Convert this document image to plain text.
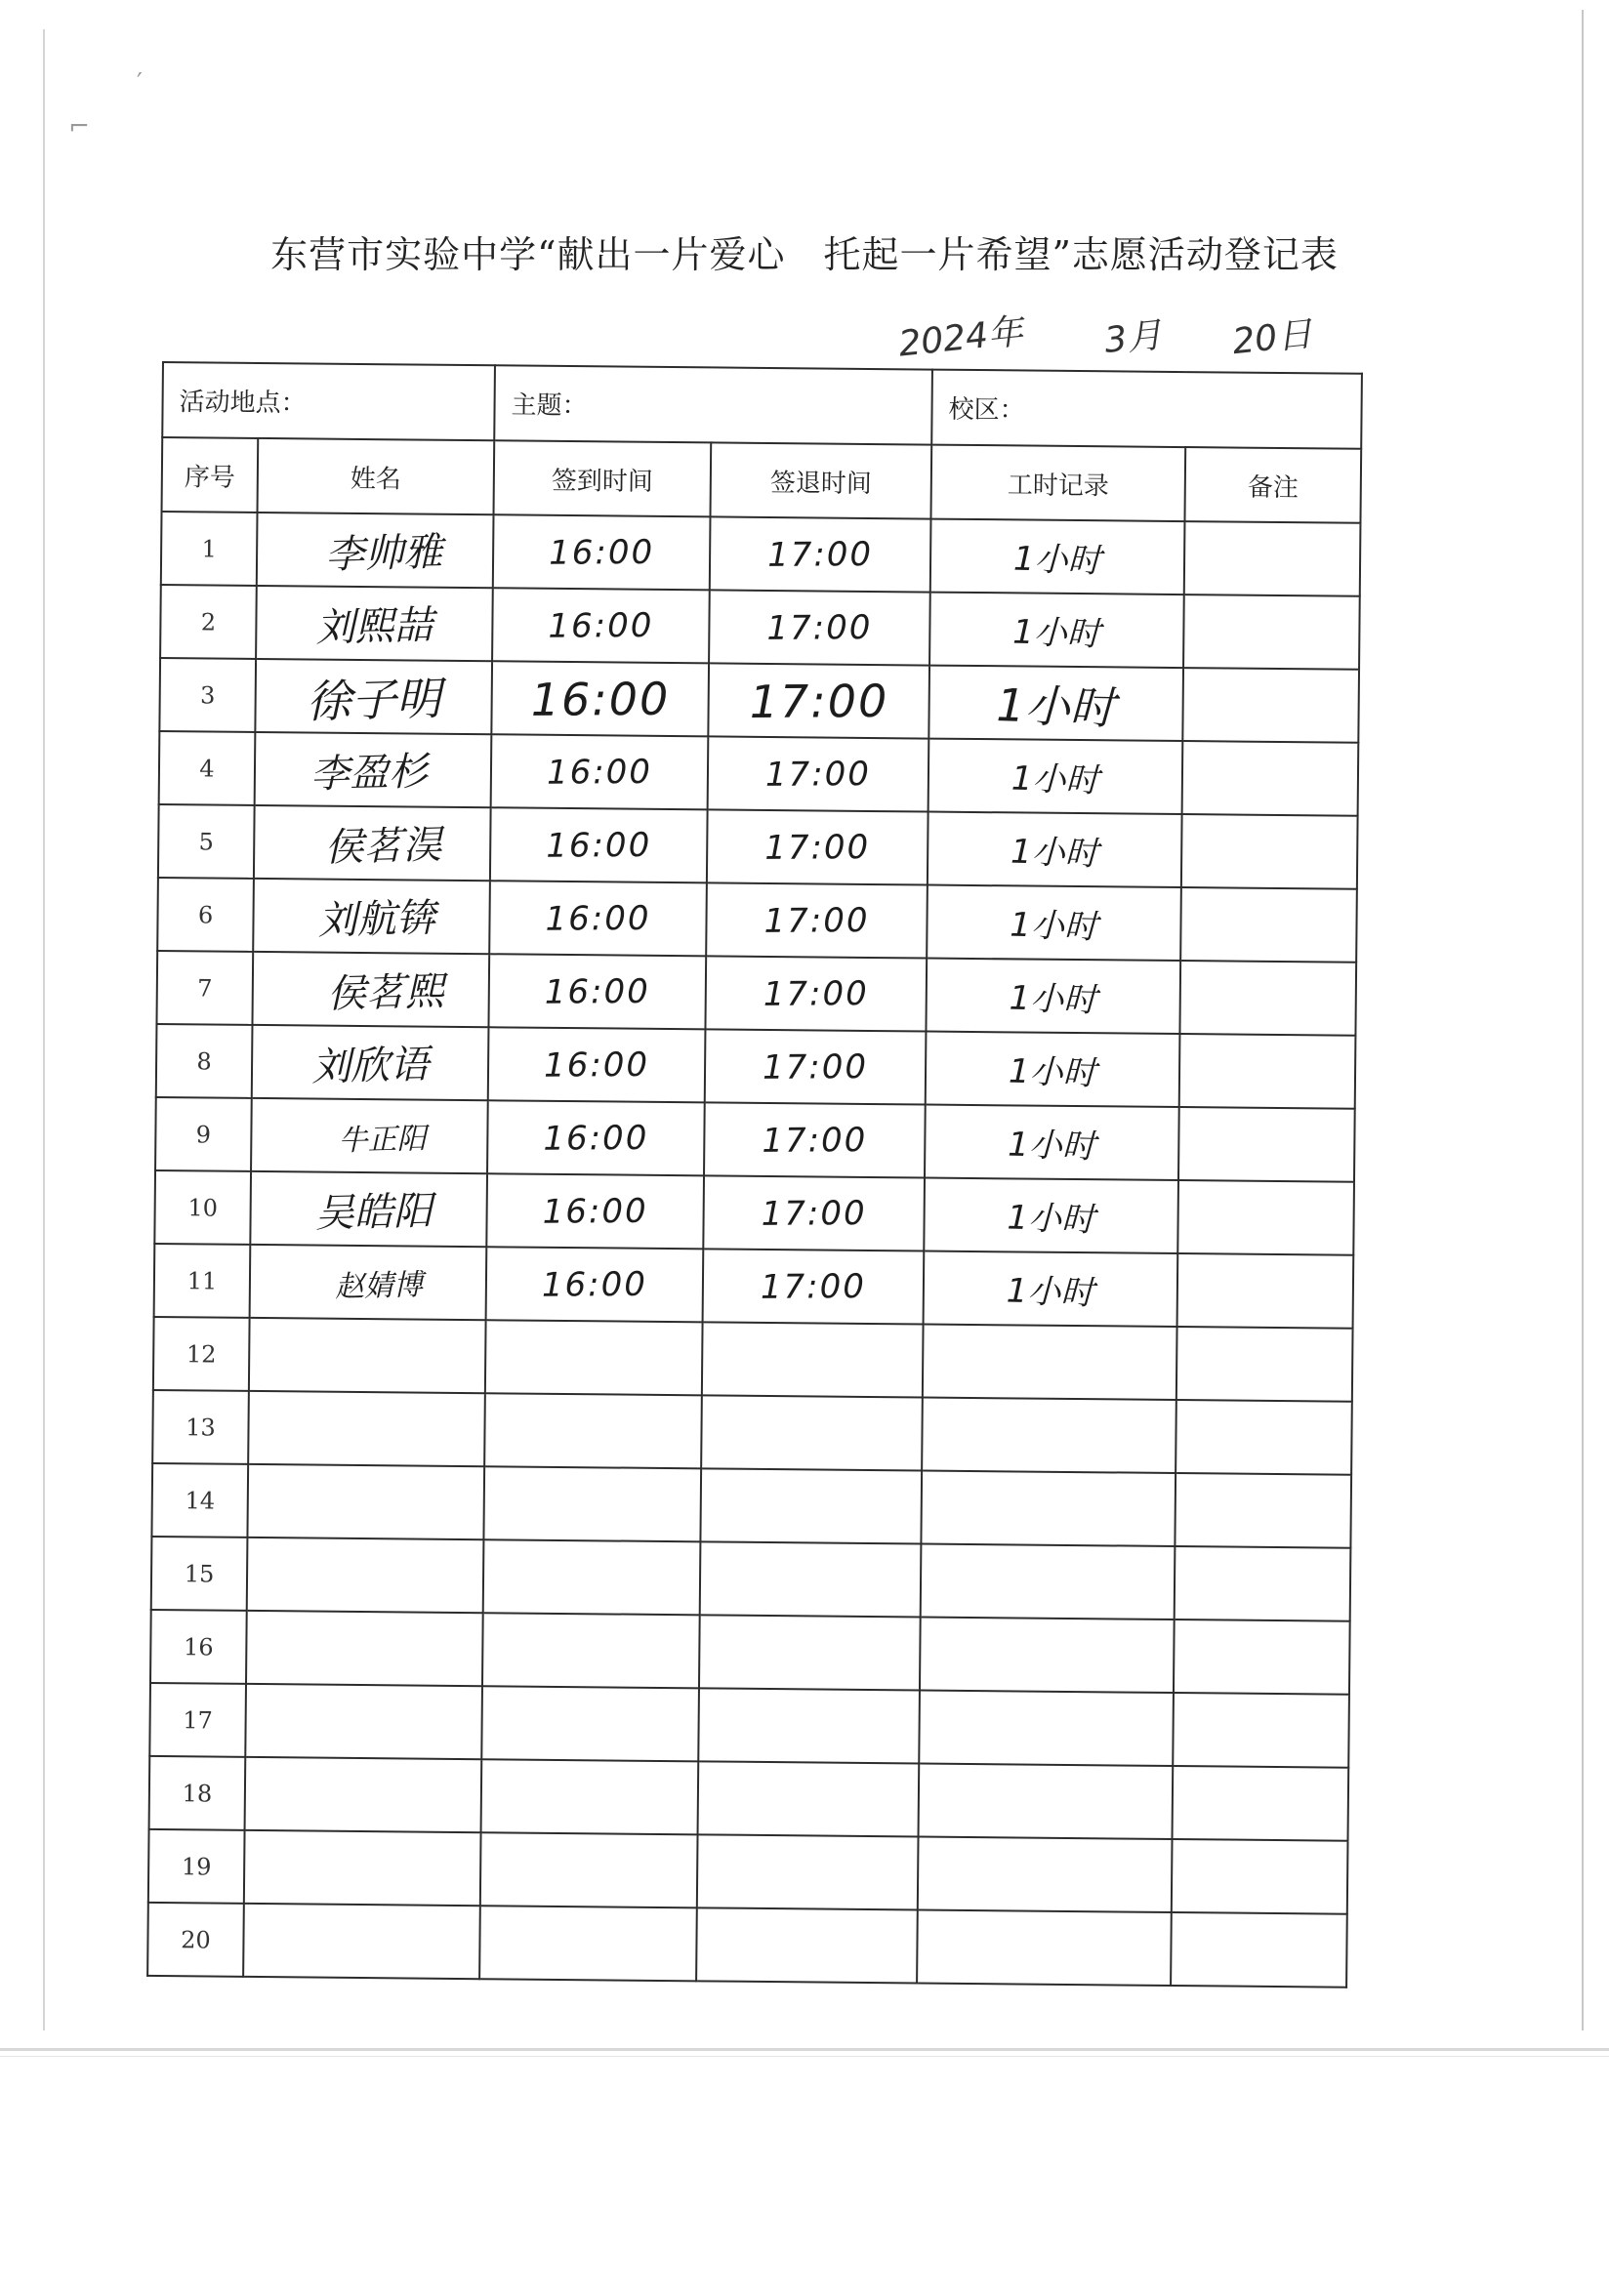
′
⌐
东营市实验中学“献出一片爱心　托起一片希望”志愿活动登记表
2024年 3月 20日
活动地点：		主题：		校区：	
序号	姓名	签到时间	签退时间	工时记录	备注
1	李帅雅	16:00	17:00	1小时	
2	刘熙喆	16:00	17:00	1小时	
3	徐子明	16:00	17:00	1小时	
4	李盈杉	16:00	17:00	1小时	
5	侯茗淏	16:00	17:00	1小时	
6	刘航锛	16:00	17:00	1小时	
7	侯茗熙	16:00	17:00	1小时	
8	刘欣语	16:00	17:00	1小时	
9	牛正阳	16:00	17:00	1小时	
10	吴皓阳	16:00	17:00	1小时	
11	赵婧博	16:00	17:00	1小时	
12					
13					
14					
15					
16					
17					
18					
19					
20					
